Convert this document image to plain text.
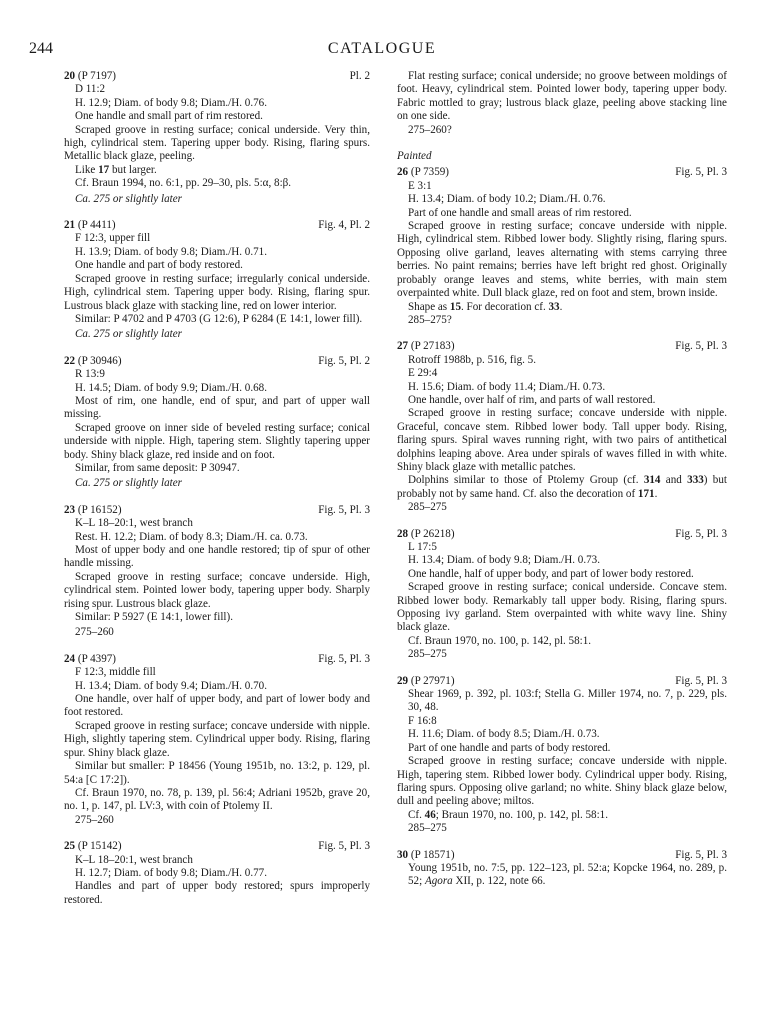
244	CATALOGUE
20 (P 7197)	Pl. 2

D 11:2

H. 12.9; Diam. of body 9.8; Diam./H. 0.76.

One handle and small part of rim restored.

Scraped groove in resting surface; conical underside. Very thin, high, cylindrical stem. Tapering upper body. Rising, flaring spurs. Metallic black glaze, peeling.

Like 17 but larger.

Cf. Braun 1994, no. 6:1, pp. 29–30, pls. 5:α, 8:β.

Ca. 275 or slightly later

21 (P 4411)	Fig. 4, Pl. 2

F 12:3, upper fill

H. 13.9; Diam. of body 9.8; Diam./H. 0.71.

One handle and part of body restored.

Scraped groove in resting surface; irregularly conical underside. High, cylindrical stem. Tapering upper body. Rising, flaring spur. Lustrous black glaze with stacking line, red on lower interior.

Similar: P 4702 and P 4703 (G 12:6), P 6284 (E 14:1, lower fill).

Ca. 275 or slightly later

22 (P 30946)	Fig. 5, Pl. 2

R 13:9

H. 14.5; Diam. of body 9.9; Diam./H. 0.68.

Most of rim, one handle, end of spur, and part of upper wall missing.

Scraped groove on inner side of beveled resting surface; conical underside with nipple. High, tapering stem. Slightly tapering upper body. Shiny black glaze, red inside and on foot.

Similar, from same deposit: P 30947.

Ca. 275 or slightly later

23 (P 16152)	Fig. 5, Pl. 3

K–L 18–20:1, west branch

Rest. H. 12.2; Diam. of body 8.3; Diam./H. ca. 0.73.

Most of upper body and one handle restored; tip of spur of other handle missing.

Scraped groove in resting surface; concave underside. High, cylindrical stem. Pointed lower body, tapering upper body. Sharply rising spur. Lustrous black glaze.

Similar: P 5927 (E 14:1, lower fill).

275–260

24 (P 4397)	Fig. 5, Pl. 3

F 12:3, middle fill

H. 13.4; Diam. of body 9.4; Diam./H. 0.70.

One handle, over half of upper body, and part of lower body and foot restored.

Scraped groove in resting surface; concave underside with nipple. High, slightly tapering stem. Cylindrical upper body. Rising, flaring spur. Shiny black glaze.

Similar but smaller: P 18456 (Young 1951b, no. 13:2, p. 129, pl. 54:a [C 17:2]).

Cf. Braun 1970, no. 78, p. 139, pl. 56:4; Adriani 1952b, grave 20, no. 1, p. 147, pl. LV:3, with coin of Ptolemy II.

275–260

25 (P 15142)	Fig. 5, Pl. 3

K–L 18–20:1, west branch

H. 12.7; Diam. of body 9.8; Diam./H. 0.77.

Handles and part of upper body restored; spurs improperly restored.

Flat resting surface; conical underside; no groove between moldings of foot. Heavy, cylindrical stem. Pointed lower body, tapering upper body. Fabric mottled to gray; lustrous black glaze, peeling above stacking line on one side.

275–260?

Painted

26 (P 7359)	Fig. 5, Pl. 3

E 3:1

H. 13.4; Diam. of body 10.2; Diam./H. 0.76.

Part of one handle and small areas of rim restored.

Scraped groove in resting surface; concave underside with nipple. High, cylindrical stem. Ribbed lower body. Slightly rising, flaring spurs. Opposing olive garland, leaves alternating with stems carrying three berries. No paint remains; berries have left bright red ghost. Originally probably orange leaves and stems, white berries, with main stem overpainted white. Dull black glaze, red on foot and stem, brown inside.

Shape as 15. For decoration cf. 33.

285–275?

27 (P 27183)	Fig. 5, Pl. 3

Rotroff 1988b, p. 516, fig. 5.

E 29:4

H. 15.6; Diam. of body 11.4; Diam./H. 0.73.

One handle, over half of rim, and parts of wall restored.

Scraped groove in resting surface; concave underside with nipple. Graceful, concave stem. Ribbed lower body. Tall upper body. Rising, flaring spurs. Spiral waves running right, with two pairs of antithetical dolphins leaping above. Area under spirals of waves filled in with white. Shiny black glaze with metallic patches.

Dolphins similar to those of Ptolemy Group (cf. 314 and 333) but probably not by same hand. Cf. also the decoration of 171.

285–275

28 (P 26218)	Fig. 5, Pl. 3

L 17:5

H. 13.4; Diam. of body 9.8; Diam./H. 0.73.

One handle, half of upper body, and part of lower body restored.

Scraped groove in resting surface; conical underside. Concave stem. Ribbed lower body. Remarkably tall upper body. Rising, flaring spurs. Opposing ivy garland. Stem overpainted with white wavy line. Shiny black glaze.

Cf. Braun 1970, no. 100, p. 142, pl. 58:1.

285–275

29 (P 27971)	Fig. 5, Pl. 3

Shear 1969, p. 392, pl. 103:f; Stella G. Miller 1974, no. 7, p. 229, pls. 30, 48.

F 16:8

H. 11.6; Diam. of body 8.5; Diam./H. 0.73.

Part of one handle and parts of body restored.

Scraped groove in resting surface; concave underside with nipple. High, tapering stem. Ribbed lower body. Cylindrical upper body. Rising, flaring spurs. Opposing olive garland; no white. Shiny black glaze below, dull and peeling above; miltos.

Cf. 46; Braun 1970, no. 100, p. 142, pl. 58:1.

285–275

30 (P 18571)	Fig. 5, Pl. 3

Young 1951b, no. 7:5, pp. 122–123, pl. 52:a; Kopcke 1964, no. 289, p. 52; Agora XII, p. 122, note 66.
